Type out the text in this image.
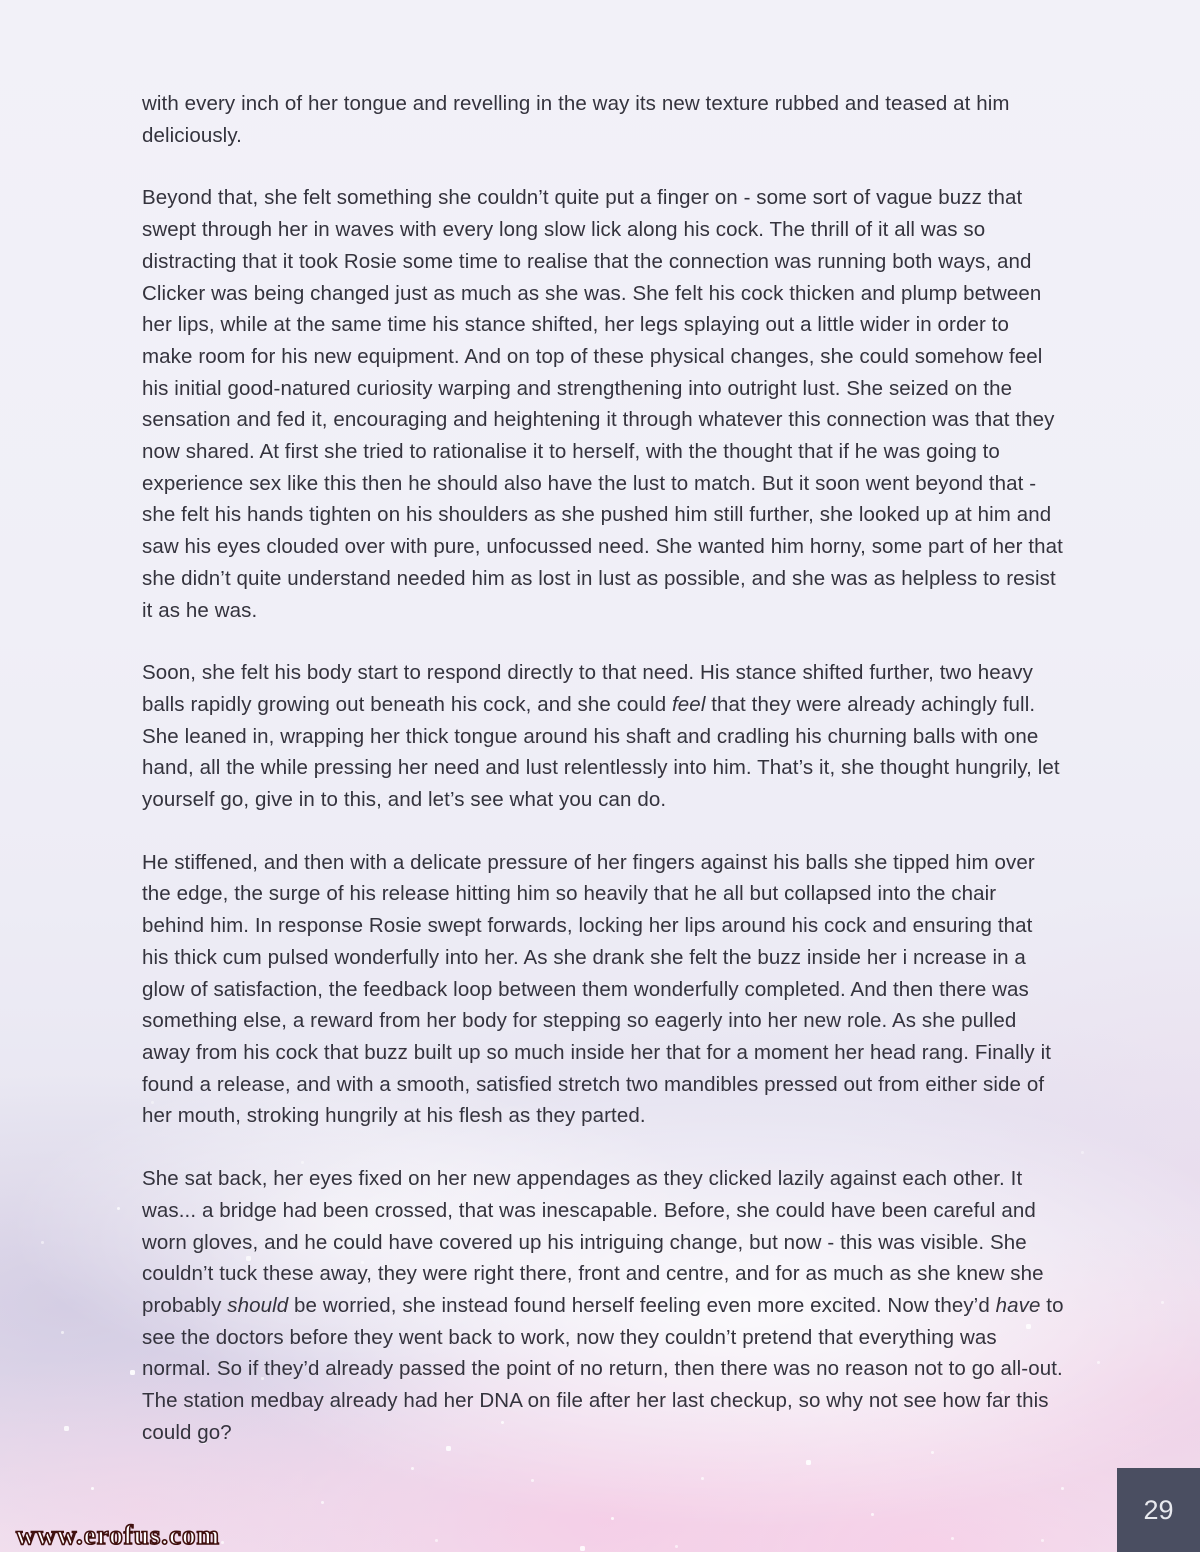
with every inch of her tongue and revelling in the way its new texture rubbed and teased at him deliciously.

Beyond that, she felt something she couldn’t quite put a finger on - some sort of vague buzz that swept through her in waves with every long slow lick along his cock. The thrill of it all was so distracting that it took Rosie some time to realise that the connection was running both ways, and Clicker was being changed just as much as she was. She felt his cock thicken and plump between her lips, while at the same time his stance shifted, her legs splaying out a little wider in order to make room for his new equipment. And on top of these physical changes, she could somehow feel his initial good-natured curiosity warping and strengthening into outright lust. She seized on the sensation and fed it, encouraging and heightening it through whatever this connection was that they now shared. At first she tried to rationalise it to herself, with the thought that if he was going to experience sex like this then he should also have the lust to match. But it soon went beyond that - she felt his hands tighten on his shoulders as she pushed him still further, she looked up at him and saw his eyes clouded over with pure, unfocussed need. She wanted him horny, some part of her that she didn’t quite understand needed him as lost in lust as possible, and she was as helpless to resist it as he was.

Soon, she felt his body start to respond directly to that need. His stance shifted further, two heavy balls rapidly growing out beneath his cock, and she could feel that they were already achingly full. She leaned in, wrapping her thick tongue around his shaft and cradling his churning balls with one hand, all the while pressing her need and lust relentlessly into him. That’s it, she thought hungrily, let yourself go, give in to this, and let’s see what you can do.

He stiffened, and then with a delicate pressure of her fingers against his balls she tipped him over the edge, the surge of his release hitting him so heavily that he all but collapsed into the chair behind him. In response Rosie swept forwards, locking her lips around his cock and ensuring that his thick cum pulsed wonderfully into her. As she drank she felt the buzz inside her i ncrease in a glow of satisfaction, the feedback loop between them wonderfully completed. And then there was something else, a reward from her body for stepping so eagerly into her new role. As she pulled away from his cock that buzz built up so much inside her that for a moment her head rang. Finally it found a release, and with a smooth, satisfied stretch two mandibles pressed out from either side of her mouth, stroking hungrily at his flesh as they parted.

She sat back, her eyes fixed on her new appendages as they clicked lazily against each other. It was... a bridge had been crossed, that was inescapable. Before, she could have been careful and worn gloves, and he could have covered up his intriguing change, but now - this was visible. She couldn’t tuck these away, they were right there, front and centre, and for as much as she knew she probably should be worried, she instead found herself feeling even more excited. Now they’d have to see the doctors before they went back to work, now they couldn’t pretend that everything was normal. So if they’d already passed the point of no return, then there was no reason not to go all-out. The station medbay already had her DNA on file after her last checkup, so why not see how far this could go?

29
www.erofus.com
